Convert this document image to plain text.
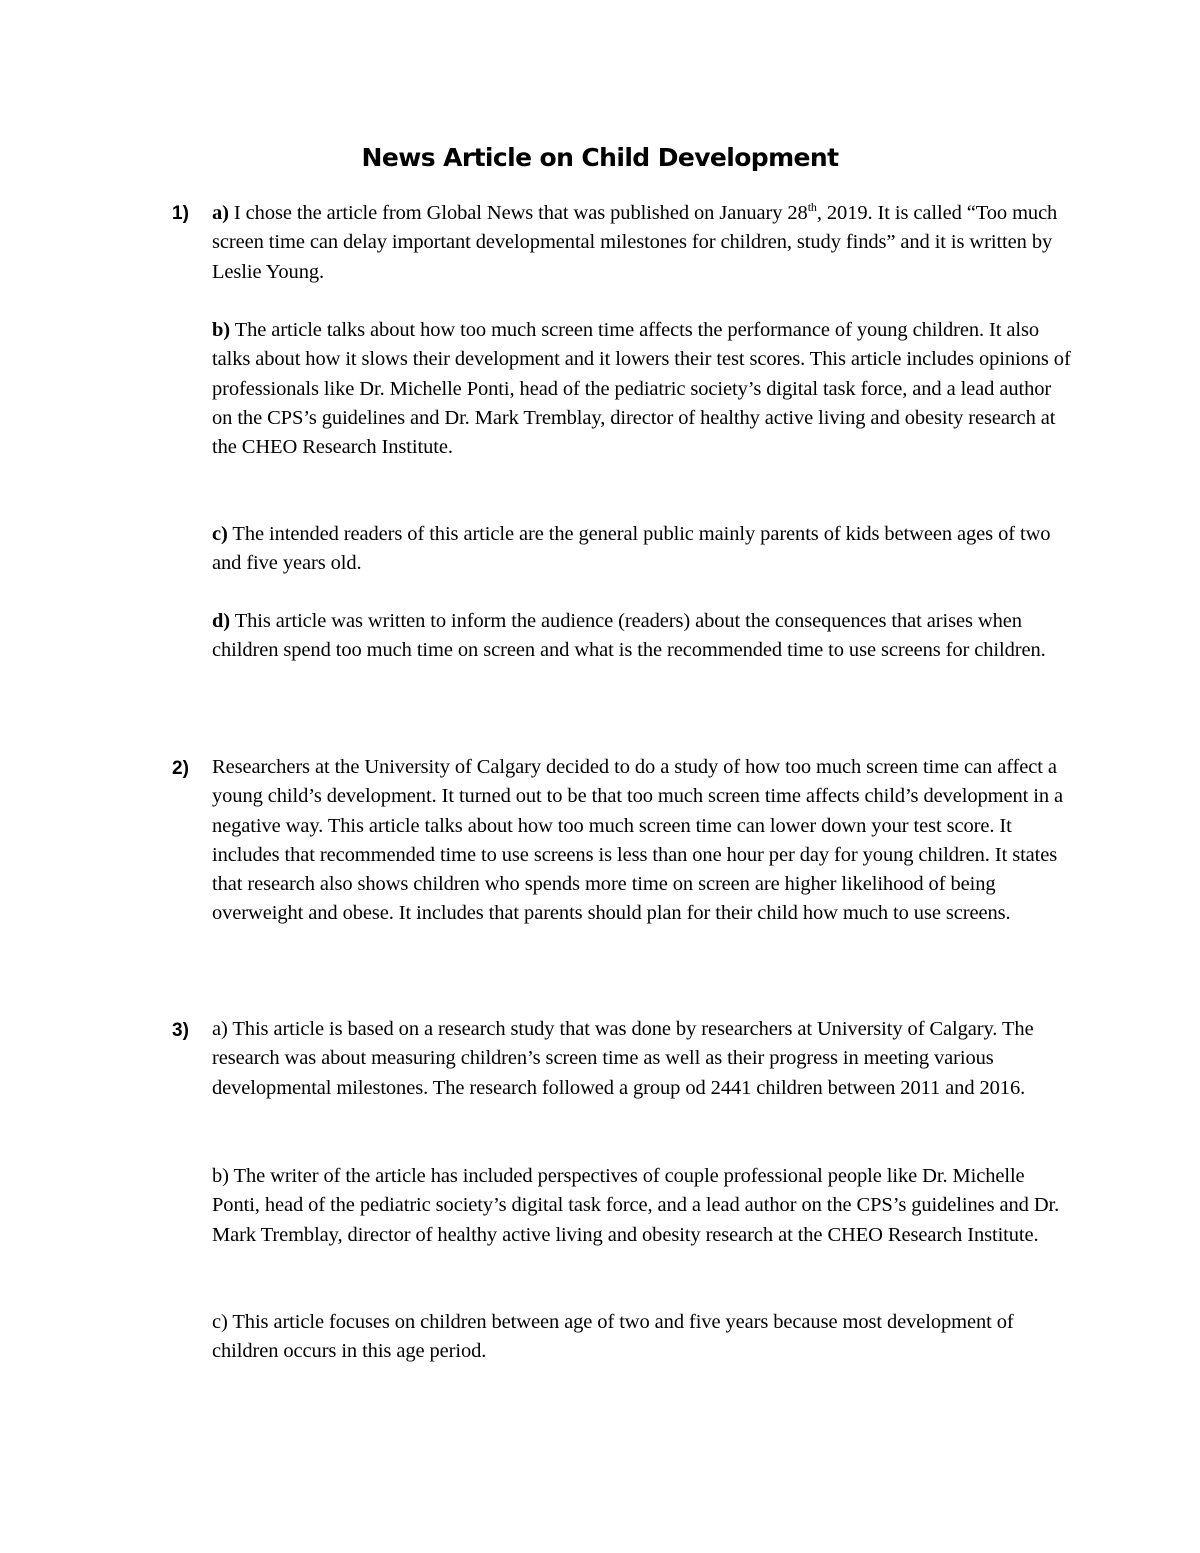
News Article on Child Development
1) a) I chose the article from Global News that was published on January 28th, 2019. It is called “Too much screen time can delay important developmental milestones for children, study finds” and it is written by Leslie Young.

b) The article talks about how too much screen time affects the performance of young children. It also talks about how it slows their development and it lowers their test scores. This article includes opinions of professionals like Dr. Michelle Ponti, head of the pediatric society’s digital task force, and a lead author on the CPS’s guidelines and Dr. Mark Tremblay, director of healthy active living and obesity research at the CHEO Research Institute.

c) The intended readers of this article are the general public mainly parents of kids between ages of two and five years old.

d) This article was written to inform the audience (readers) about the consequences that arises when children spend too much time on screen and what is the recommended time to use screens for children.

2) Researchers at the University of Calgary decided to do a study of how too much screen time can affect a young child’s development. It turned out to be that too much screen time affects child’s development in a negative way. This article talks about how too much screen time can lower down your test score. It includes that recommended time to use screens is less than one hour per day for young children. It states that research also shows children who spends more time on screen are higher likelihood of being overweight and obese. It includes that parents should plan for their child how much to use screens.

3) a) This article is based on a research study that was done by researchers at University of Calgary. The research was about measuring children’s screen time as well as their progress in meeting various developmental milestones. The research followed a group od 2441 children between 2011 and 2016.

b) The writer of the article has included perspectives of couple professional people like Dr. Michelle Ponti, head of the pediatric society’s digital task force, and a lead author on the CPS’s guidelines and Dr. Mark Tremblay, director of healthy active living and obesity research at the CHEO Research Institute.

c) This article focuses on children between age of two and five years because most development of children occurs in this age period.
